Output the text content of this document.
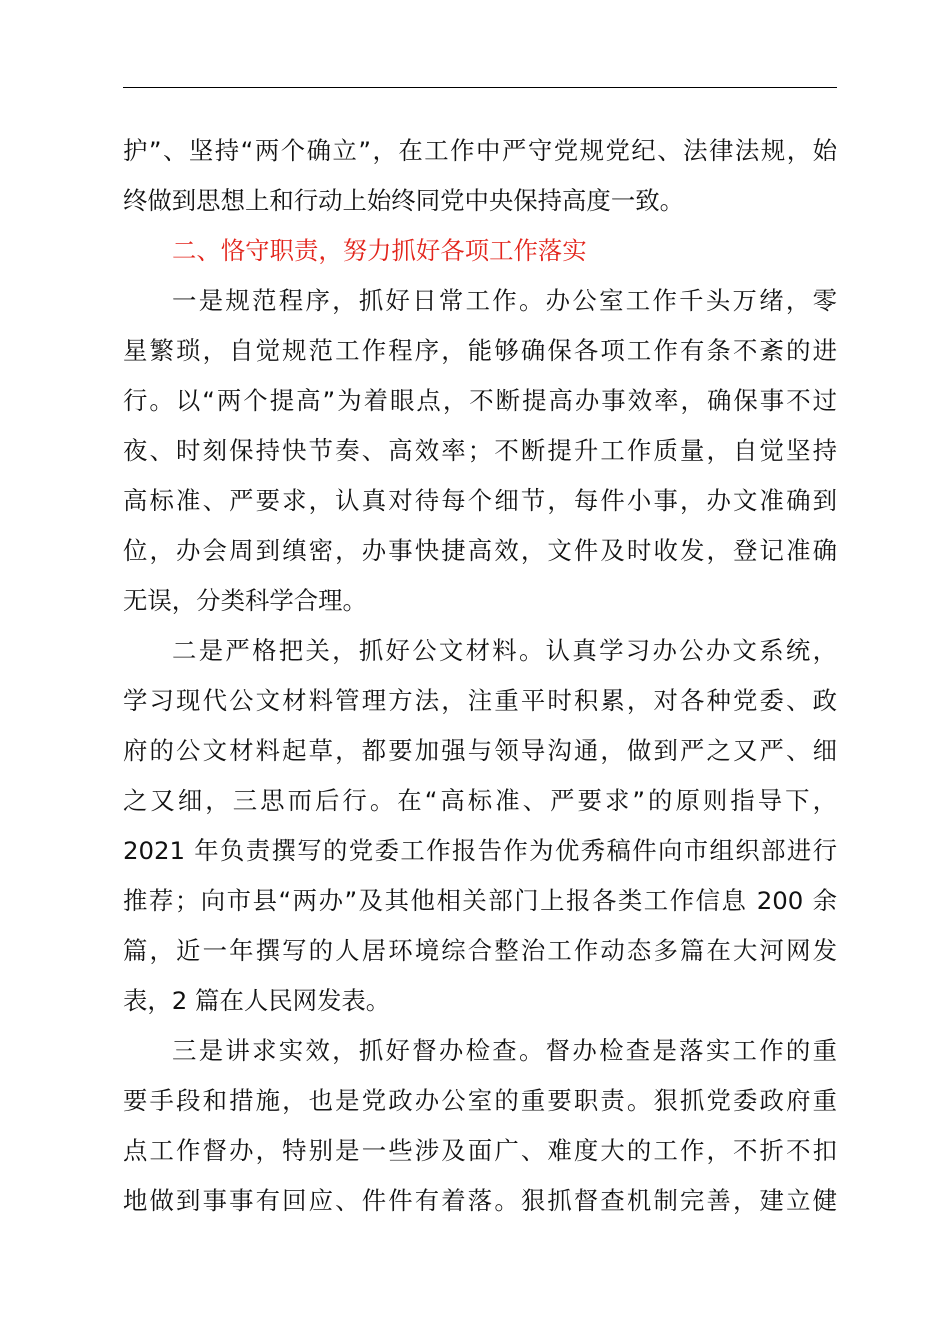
护”、坚持“两个确立”，在工作中严守党规党纪、法律法规，始
终做到思想上和行动上始终同党中央保持高度一致。
二、恪守职责，努力抓好各项工作落实
一是规范程序，抓好日常工作。办公室工作千头万绪，零
星繁琐，自觉规范工作程序，能够确保各项工作有条不紊的进
行。以“两个提高”为着眼点，不断提高办事效率，确保事不过
夜、时刻保持快节奏、高效率；不断提升工作质量，自觉坚持
高标准、严要求，认真对待每个细节，每件小事，办文准确到
位，办会周到缜密，办事快捷高效，文件及时收发，登记准确
无误，分类科学合理。
二是严格把关，抓好公文材料。认真学习办公办文系统，
学习现代公文材料管理方法，注重平时积累，对各种党委、政
府的公文材料起草，都要加强与领导沟通，做到严之又严、细
之又细，三思而后行。在“高标准、严要求”的原则指导下，
2021 年负责撰写的党委工作报告作为优秀稿件向市组织部进行
推荐；向市县“两办”及其他相关部门上报各类工作信息 200 余
篇，近一年撰写的人居环境综合整治工作动态多篇在大河网发
表，2 篇在人民网发表。
三是讲求实效，抓好督办检查。督办检查是落实工作的重
要手段和措施，也是党政办公室的重要职责。狠抓党委政府重
点工作督办，特别是一些涉及面广、难度大的工作，不折不扣
地做到事事有回应、件件有着落。狠抓督查机制完善，建立健
